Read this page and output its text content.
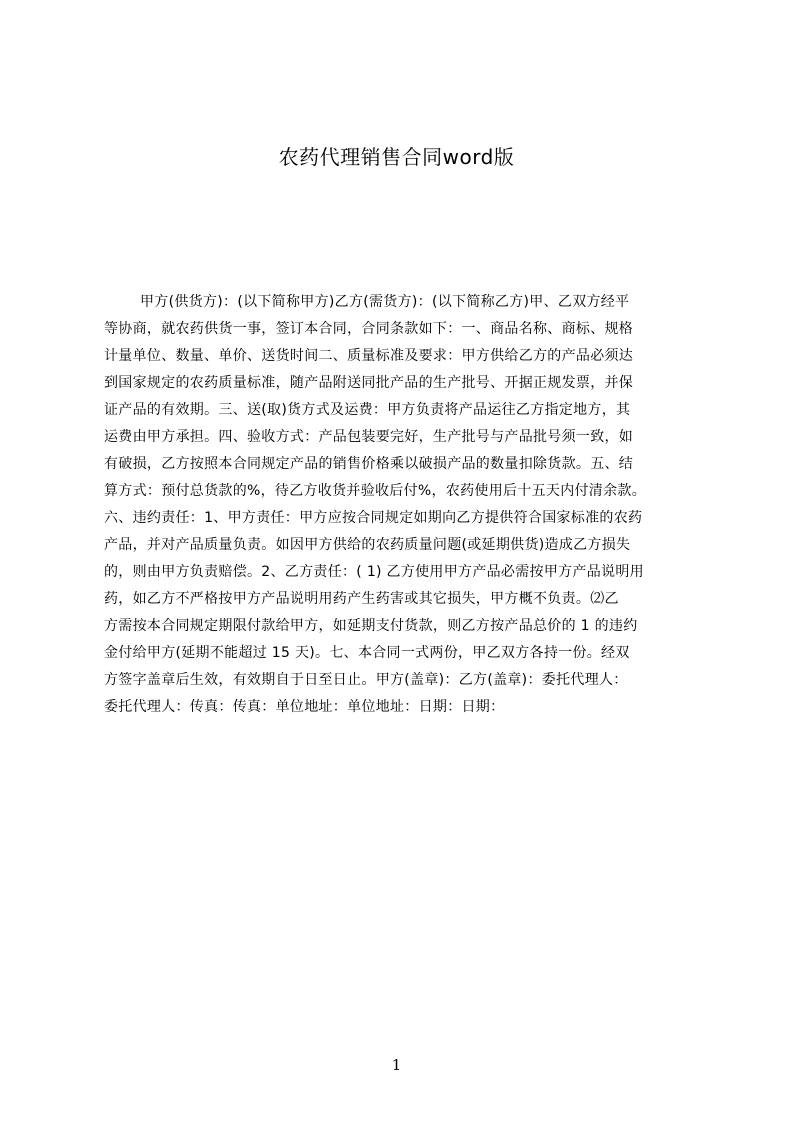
农药代理销售合同word版
甲方(供货方)：(以下简称甲方)乙方(需货方)：(以下简称乙方)甲、乙双方经平
等协商，就农药供货一事，签订本合同，合同条款如下：一、商品名称、商标、规格
计量单位、数量、单价、送货时间二、质量标准及要求：甲方供给乙方的产品必须达
到国家规定的农药质量标准，随产品附送同批产品的生产批号、开据正规发票，并保
证产品的有效期。三、送(取)货方式及运费：甲方负责将产品运往乙方指定地方，其
运费由甲方承担。四、验收方式：产品包装要完好，生产批号与产品批号须一致，如
有破损，乙方按照本合同规定产品的销售价格乘以破损产品的数量扣除货款。五、结
算方式：预付总货款的%，待乙方收货并验收后付%，农药使用后十五天内付清余款。
六、违约责任：1、甲方责任：甲方应按合同规定如期向乙方提供符合国家标准的农药
产品，并对产品质量负责。如因甲方供给的农药质量问题(或延期供货)造成乙方损失
的，则由甲方负责赔偿。2、乙方责任：( 1) 乙方使用甲方产品必需按甲方产品说明用
药，如乙方不严格按甲方产品说明用药产生药害或其它损失，甲方概不负责。⑵乙
方需按本合同规定期限付款给甲方，如延期支付货款，则乙方按产品总价的 1 的违约
金付给甲方(延期不能超过 15 天)。七、本合同一式两份，甲乙双方各持一份。经双
方签字盖章后生效，有效期自于日至日止。甲方(盖章)：乙方(盖章)：委托代理人：
委托代理人：传真：传真：单位地址：单位地址：日期：日期：
1
